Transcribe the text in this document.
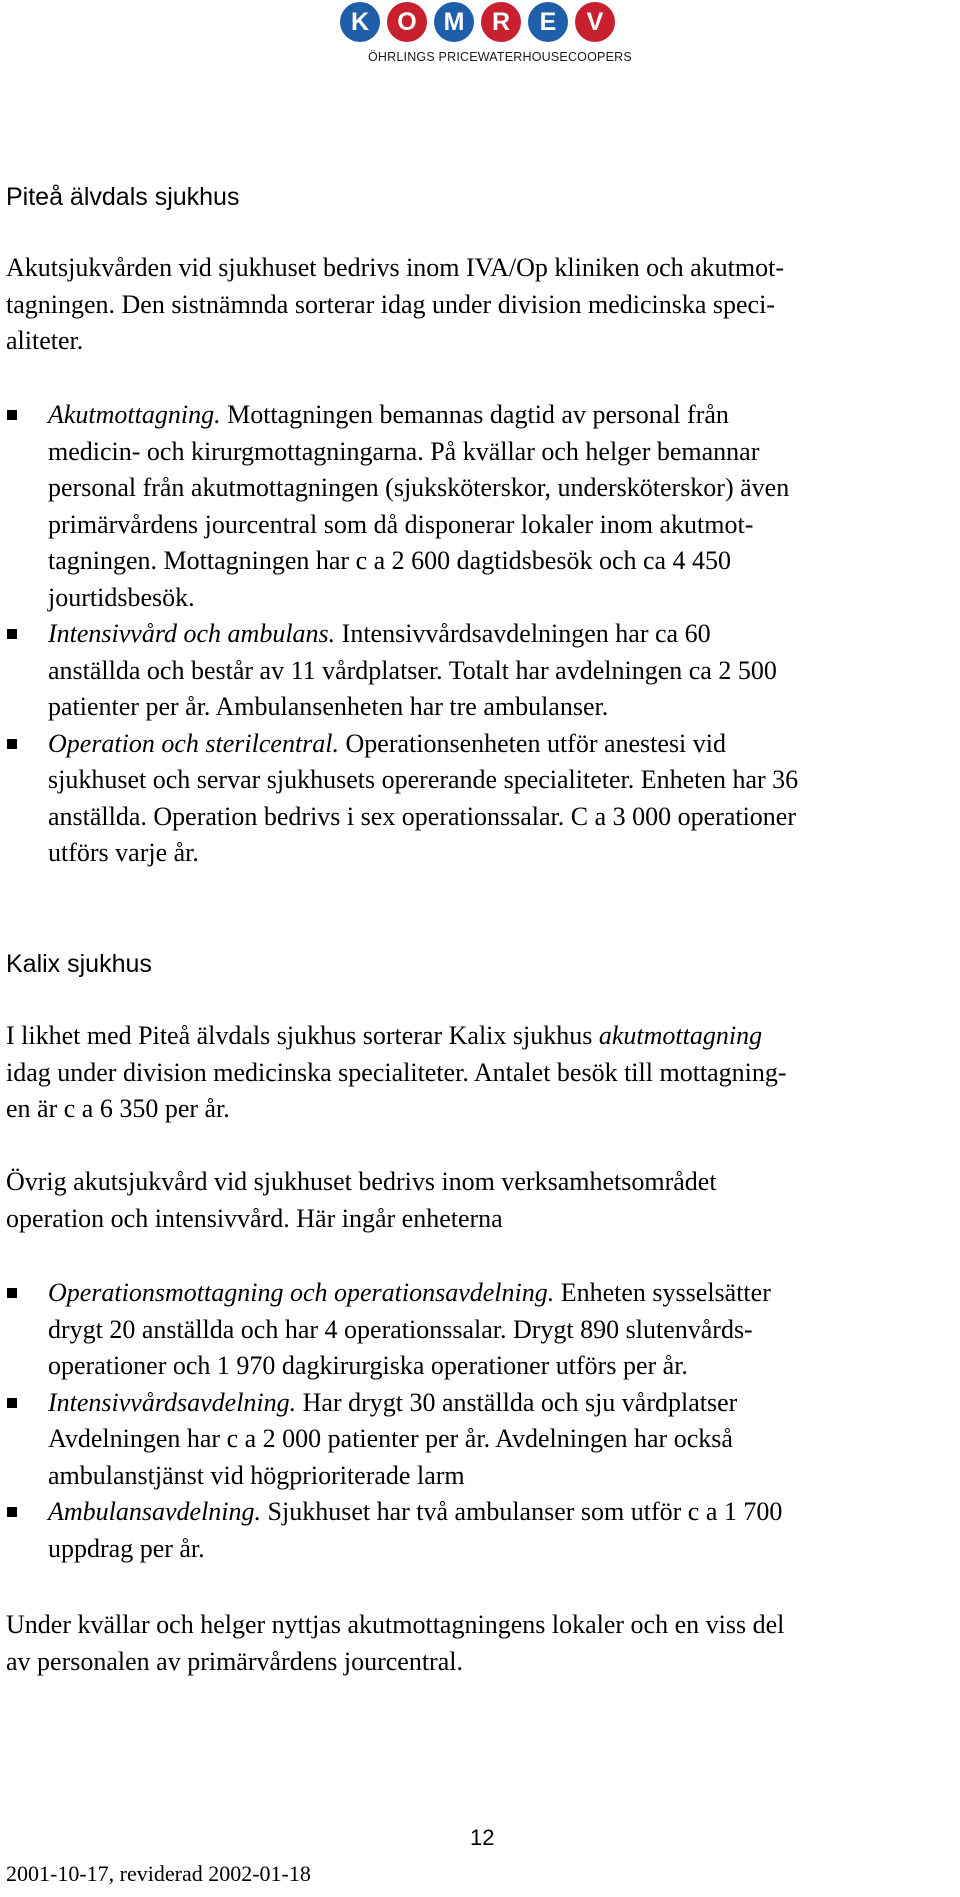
K	O	M	R	E	V
ÖHRLINGS PRICEWATERHOUSECOOPERS
Piteå älvdals sjukhus

Akutsjukvården vid sjukhuset bedrivs inom IVA/Op kliniken och akutmot-
tagningen. Den sistnämnda sorterar idag under division medicinska speci-
aliteter.

Akutmottagning. Mottagningen bemannas dagtid av personal från
medicin- och kirurgmottagningarna. På kvällar och helger bemannar
personal från akutmottagningen (sjuksköterskor, undersköterskor) även
primärvårdens jourcentral som då disponerar lokaler inom akutmot-
tagningen. Mottagningen har c a 2 600 dagtidsbesök och ca 4 450
jourtidsbesök.
Intensivvård och ambulans. Intensivvårdsavdelningen har ca 60
anställda och består av 11 vårdplatser. Totalt har avdelningen ca 2 500
patienter per år. Ambulansenheten har tre ambulanser.
Operation och sterilcentral. Operationsenheten utför anestesi vid
sjukhuset och servar sjukhusets opererande specialiteter. Enheten har 36
anställda. Operation bedrivs i sex operationssalar. C a 3 000 operationer
utförs varje år.
Kalix sjukhus

I likhet med Piteå älvdals sjukhus sorterar Kalix sjukhus akutmottagning
idag under division medicinska specialiteter. Antalet besök till mottagning-
en är c a 6 350 per år.

Övrig akutsjukvård vid sjukhuset bedrivs inom verksamhetsområdet
operation och intensivvård. Här ingår enheterna

Operationsmottagning och operationsavdelning. Enheten sysselsätter
drygt 20 anställda och har 4 operationssalar. Drygt 890 slutenvårds-
operationer och 1 970 dagkirurgiska operationer utförs per år.
Intensivvårdsavdelning. Har drygt 30 anställda och sju vårdplatser
Avdelningen har c a 2 000 patienter per år. Avdelningen har också
ambulanstjänst vid högprioriterade larm
Ambulansavdelning. Sjukhuset har två ambulanser som utför c a 1 700
uppdrag per år.

Under kvällar och helger nyttjas akutmottagningens lokaler och en viss del
av personalen av primärvårdens jourcentral.

12
2001-10-17, reviderad 2002-01-18
